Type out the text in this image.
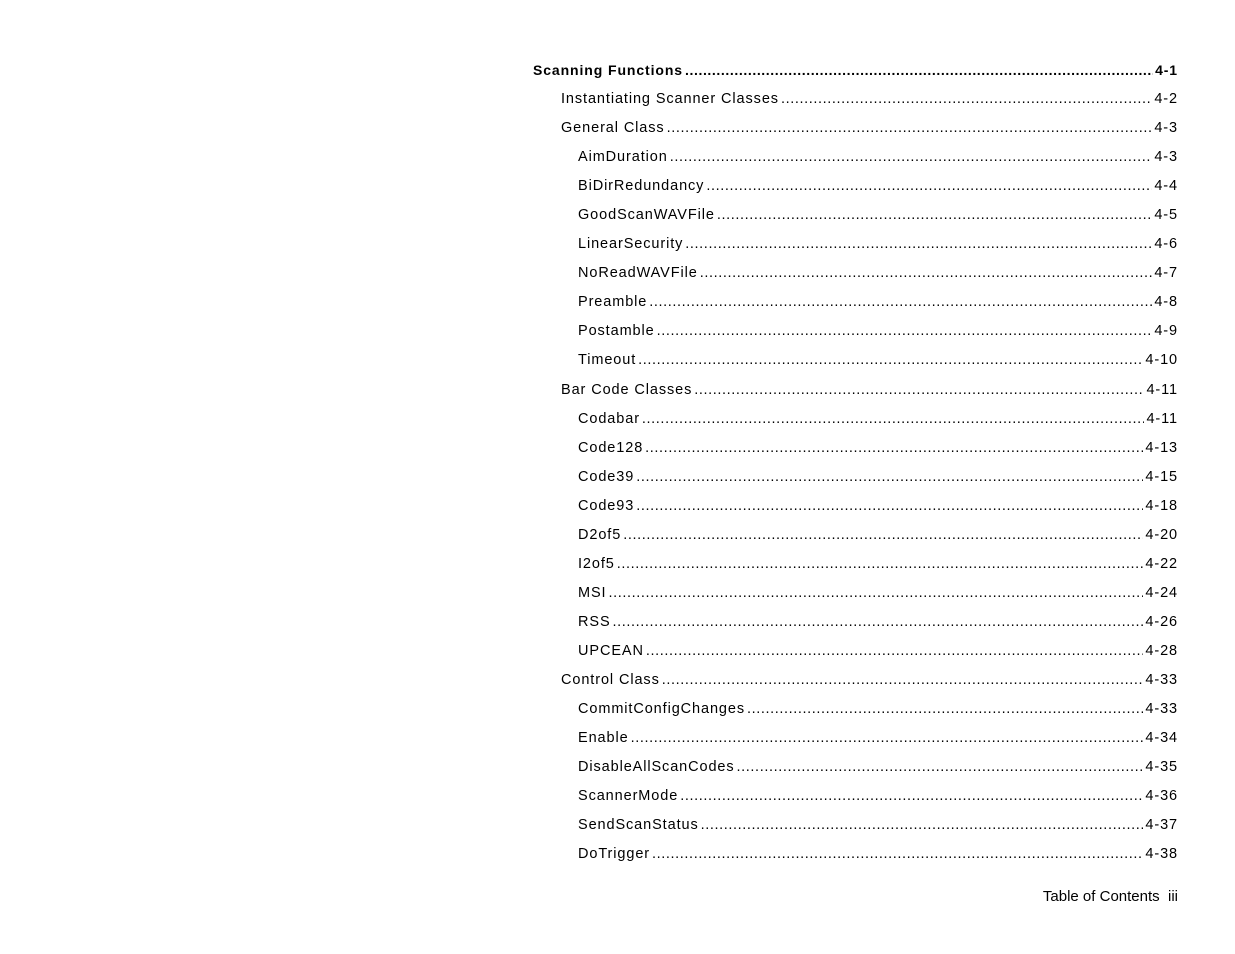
Scanning Functions .....	4-1
Instantiating Scanner Classes .....	4-2
General Class .....	4-3
AimDuration .....	4-3
BiDirRedundancy .....	4-4
GoodScanWAVFile .....	4-5
LinearSecurity .....	4-6
NoReadWAVFile .....	4-7
Preamble .....	4-8
Postamble .....	4-9
Timeout .....	4-10
Bar Code Classes .....	4-11
Codabar .....	4-11
Code128 .....	4-13
Code39 .....	4-15
Code93 .....	4-18
D2of5 .....	4-20
I2of5 .....	4-22
MSI .....	4-24
RSS .....	4-26
UPCEAN .....	4-28
Control Class .....	4-33
CommitConfigChanges .....	4-33
Enable .....	4-34
DisableAllScanCodes .....	4-35
ScannerMode .....	4-36
SendScanStatus .....	4-37
DoTrigger .....	4-38
Table of Contents iii
